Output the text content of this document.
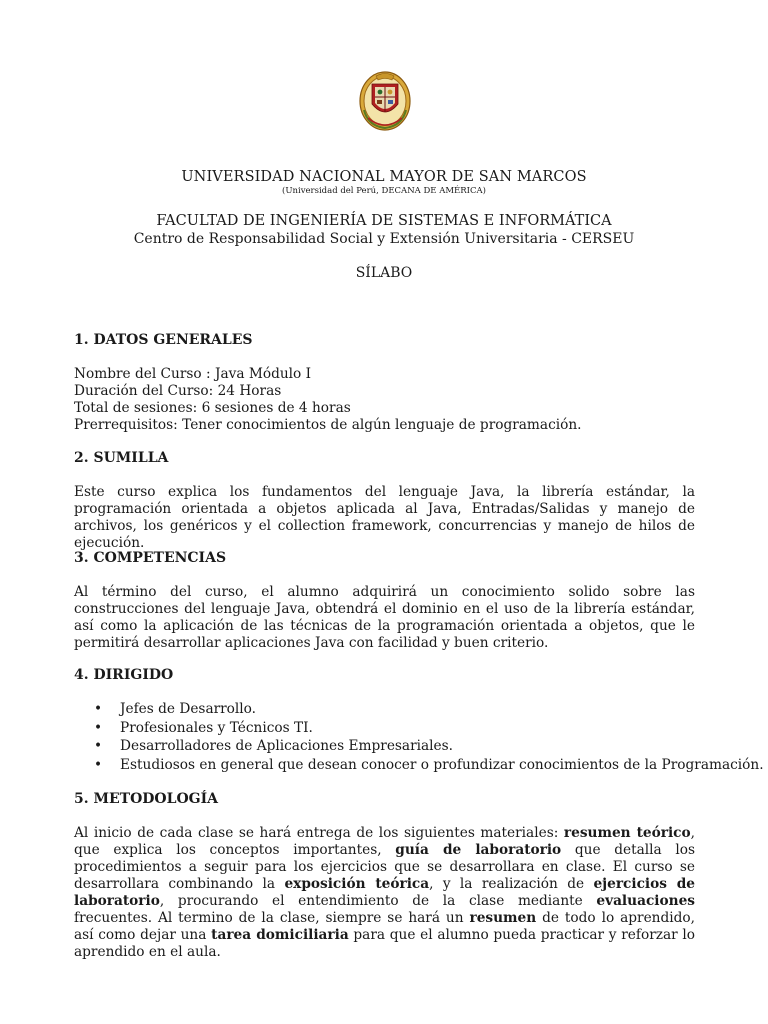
UNIVERSIDAD NACIONAL MAYOR DE SAN MARCOS
(Universidad del Perú, DECANA DE AMÉRICA)
FACULTAD DE INGENIERÍA DE SISTEMAS E INFORMÁTICA
Centro de Responsabilidad Social y Extensión Universitaria - CERSEU
SÍLABO
1. DATOS GENERALES
Nombre del Curso : Java Módulo I
Duración del Curso: 24 Horas
Total de sesiones: 6 sesiones de 4 horas
Prerrequisitos: Tener conocimientos de algún lenguaje de programación.
2. SUMILLA
Este curso explica los fundamentos del lenguaje Java, la librería estándar, la programación orientada a objetos aplicada al Java, Entradas/Salidas y manejo de archivos, los genéricos y el collection framework, concurrencias y manejo de hilos de ejecución.
3. COMPETENCIAS
Al término del curso, el alumno adquirirá un conocimiento solido sobre las construcciones del lenguaje Java, obtendrá el dominio en el uso de la librería estándar, así como la aplicación de las técnicas de la programación orientada a objetos, que le permitirá desarrollar aplicaciones Java con facilidad y buen criterio.
4. DIRIGIDO
• Jefes de Desarrollo.
• Profesionales y Técnicos TI.
• Desarrolladores de Aplicaciones Empresariales.
• Estudiosos en general que desean conocer o profundizar conocimientos de la Programación.
5. METODOLOGÍA
Al inicio de cada clase se hará entrega de los siguientes materiales: resumen teórico, que explica los conceptos importantes, guía de laboratorio que detalla los procedimientos a seguir para los ejercicios que se desarrollara en clase. El curso se desarrollara combinando la exposición teórica, y la realización de ejercicios de laboratorio, procurando el entendimiento de la clase mediante evaluaciones frecuentes. Al termino de la clase, siempre se hará un resumen de todo lo aprendido, así como dejar una tarea domiciliaria para que el alumno pueda practicar y reforzar lo aprendido en el aula.
